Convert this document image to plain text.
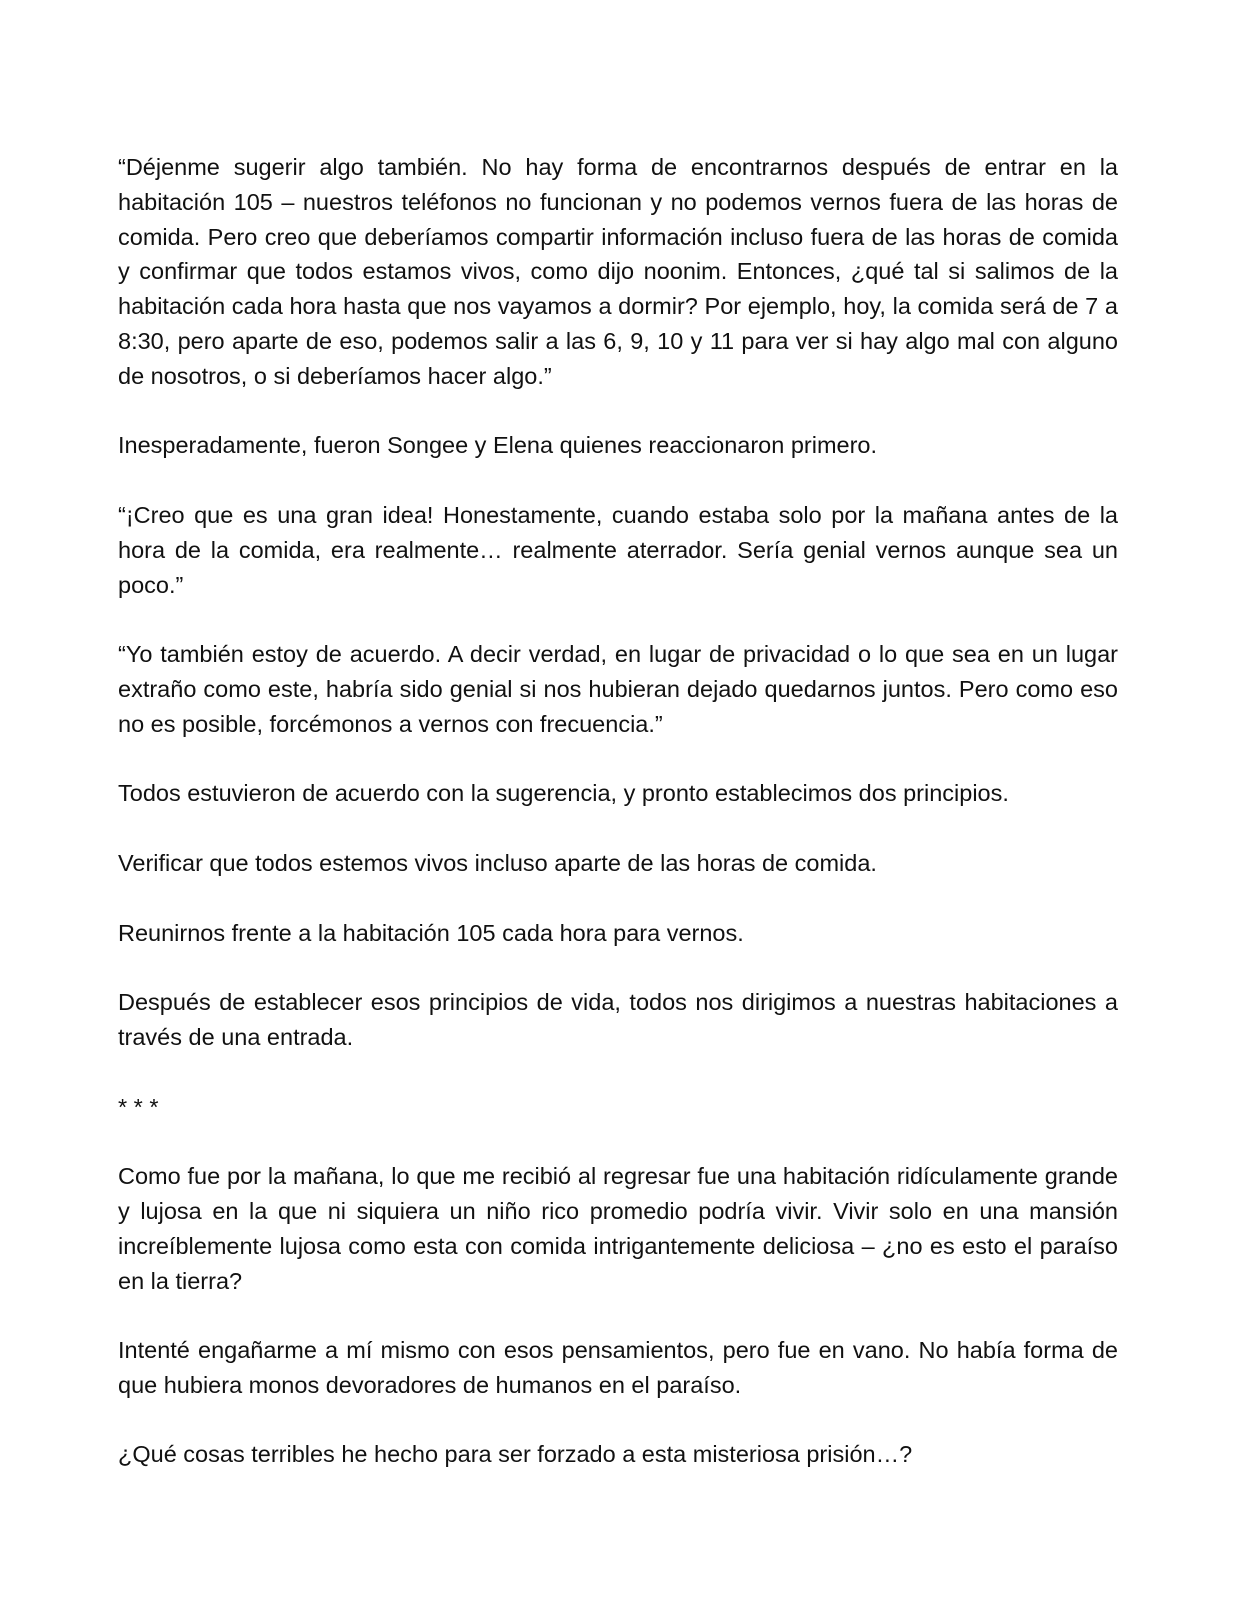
“Déjenme sugerir algo también. No hay forma de encontrarnos después de entrar en la habitación 105 – nuestros teléfonos no funcionan y no podemos vernos fuera de las horas de comida. Pero creo que deberíamos compartir información incluso fuera de las horas de comida y confirmar que todos estamos vivos, como dijo noonim. Entonces, ¿qué tal si salimos de la habitación cada hora hasta que nos vayamos a dormir? Por ejemplo, hoy, la comida será de 7 a 8:30, pero aparte de eso, podemos salir a las 6, 9, 10 y 11 para ver si hay algo mal con alguno de nosotros, o si deberíamos hacer algo.”

Inesperadamente, fueron Songee y Elena quienes reaccionaron primero.

“¡Creo que es una gran idea! Honestamente, cuando estaba solo por la mañana antes de la hora de la comida, era realmente… realmente aterrador. Sería genial vernos aunque sea un poco.”

“Yo también estoy de acuerdo. A decir verdad, en lugar de privacidad o lo que sea en un lugar extraño como este, habría sido genial si nos hubieran dejado quedarnos juntos. Pero como eso no es posible, forcémonos a vernos con frecuencia.”

Todos estuvieron de acuerdo con la sugerencia, y pronto establecimos dos principios.

Verificar que todos estemos vivos incluso aparte de las horas de comida.

Reunirnos frente a la habitación 105 cada hora para vernos.

Después de establecer esos principios de vida, todos nos dirigimos a nuestras habitaciones a través de una entrada.

* * *

Como fue por la mañana, lo que me recibió al regresar fue una habitación ridículamente grande y lujosa en la que ni siquiera un niño rico promedio podría vivir. Vivir solo en una mansión increíblemente lujosa como esta con comida intrigantemente deliciosa – ¿no es esto el paraíso en la tierra?

Intenté engañarme a mí mismo con esos pensamientos, pero fue en vano. No había forma de que hubiera monos devoradores de humanos en el paraíso.

¿Qué cosas terribles he hecho para ser forzado a esta misteriosa prisión…?
